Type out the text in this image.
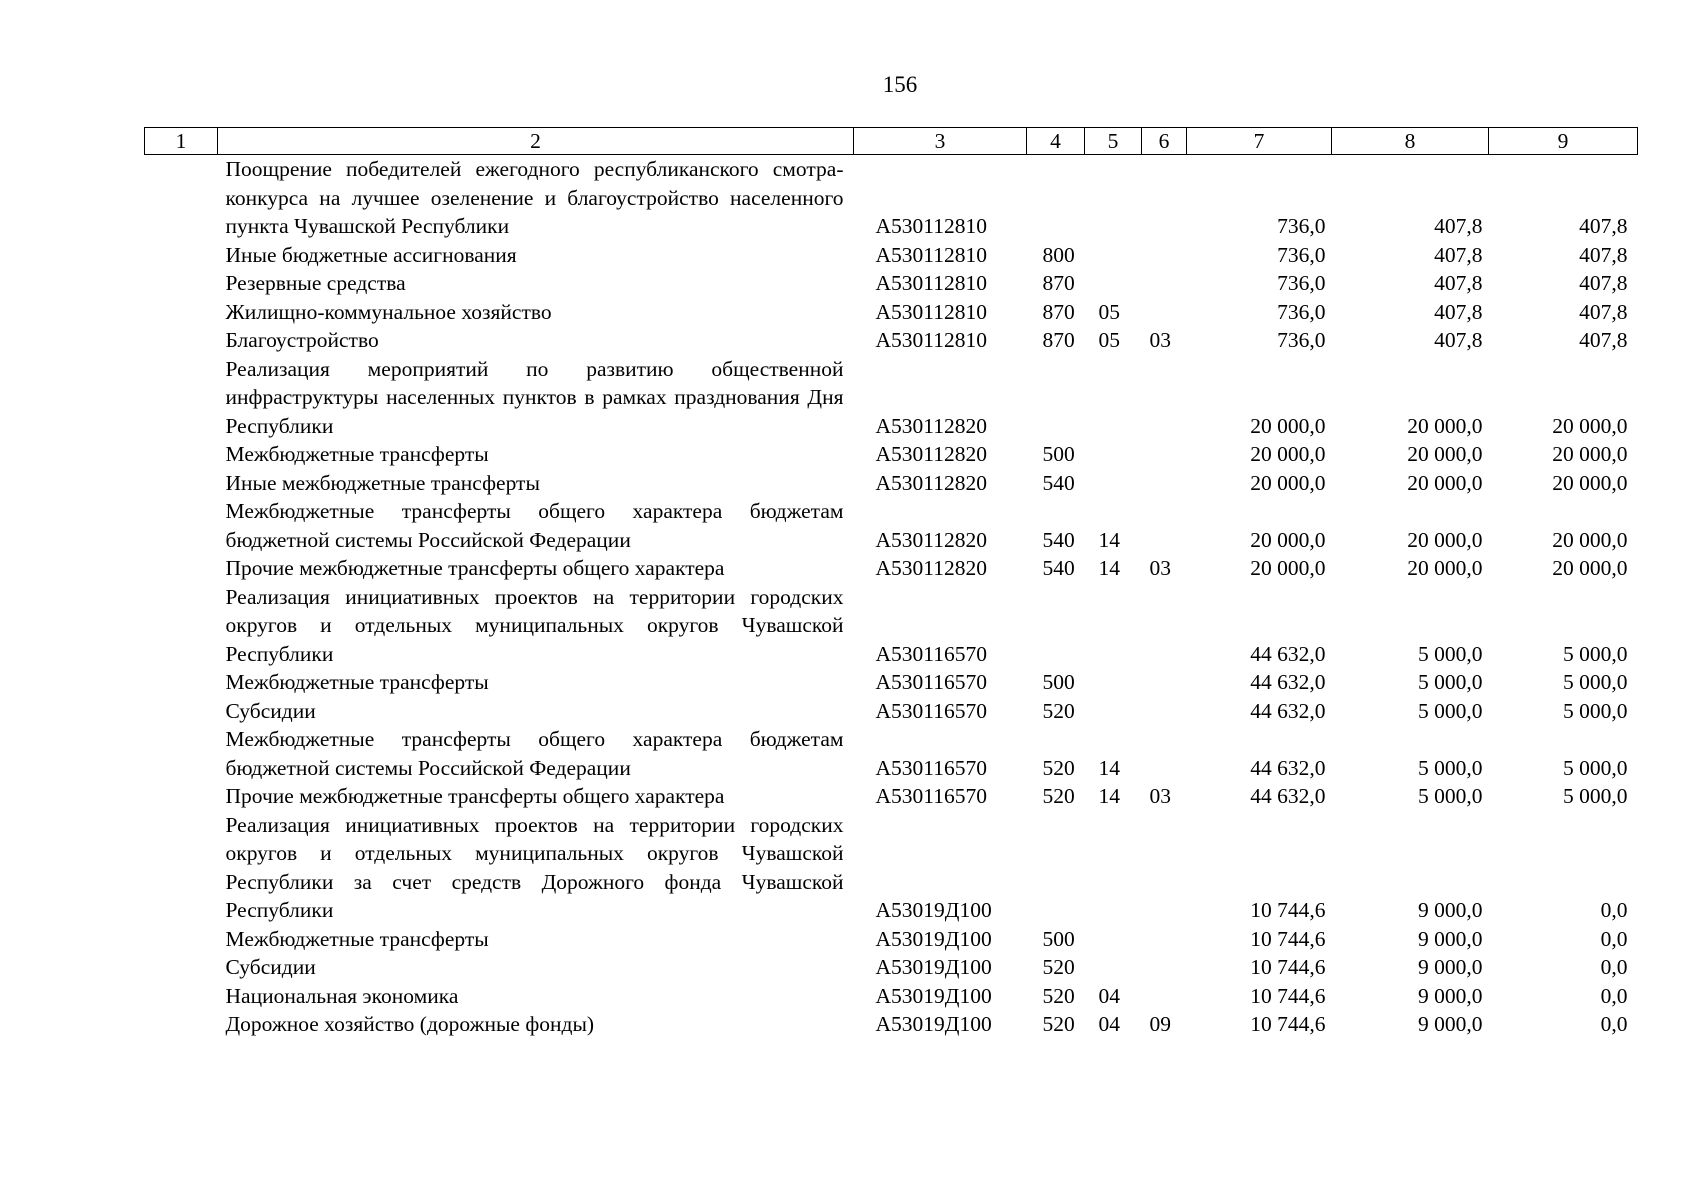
156
1	2	3	4	5	6	7	8	9
	Поощрение победителей ежегодного республиканского смотра-конкурса на лучшее озеленение и благоустройство населенного пункта Чувашской Республики	А530112810				736,0	407,8	407,8
	Иные бюджетные ассигнования	А530112810	800			736,0	407,8	407,8
	Резервные средства	А530112810	870			736,0	407,8	407,8
	Жилищно-коммунальное хозяйство	А530112810	870	05		736,0	407,8	407,8
	Благоустройство	А530112810	870	05	03	736,0	407,8	407,8
	Реализация мероприятий по развитию общественной инфраструктуры населенных пунктов в рамках празднования Дня Республики	А530112820				20 000,0	20 000,0	20 000,0
	Межбюджетные трансферты	А530112820	500			20 000,0	20 000,0	20 000,0
	Иные межбюджетные трансферты	А530112820	540			20 000,0	20 000,0	20 000,0
	Межбюджетные трансферты общего характера бюджетам бюджетной системы Российской Федерации	А530112820	540	14		20 000,0	20 000,0	20 000,0
	Прочие межбюджетные трансферты общего характера	А530112820	540	14	03	20 000,0	20 000,0	20 000,0
	Реализация инициативных проектов на территории городских округов и отдельных муниципальных округов Чувашской Республики	А530116570				44 632,0	5 000,0	5 000,0
	Межбюджетные трансферты	А530116570	500			44 632,0	5 000,0	5 000,0
	Субсидии	А530116570	520			44 632,0	5 000,0	5 000,0
	Межбюджетные трансферты общего характера бюджетам бюджетной системы Российской Федерации	А530116570	520	14		44 632,0	5 000,0	5 000,0
	Прочие межбюджетные трансферты общего характера	А530116570	520	14	03	44 632,0	5 000,0	5 000,0
	Реализация инициативных проектов на территории городских округов и отдельных муниципальных округов Чувашской Республики за счет средств Дорожного фонда Чувашской Республики	А53019Д100				10 744,6	9 000,0	0,0
	Межбюджетные трансферты	А53019Д100	500			10 744,6	9 000,0	0,0
	Субсидии	А53019Д100	520			10 744,6	9 000,0	0,0
	Национальная экономика	А53019Д100	520	04		10 744,6	9 000,0	0,0
	Дорожное хозяйство (дорожные фонды)	А53019Д100	520	04	09	10 744,6	9 000,0	0,0
